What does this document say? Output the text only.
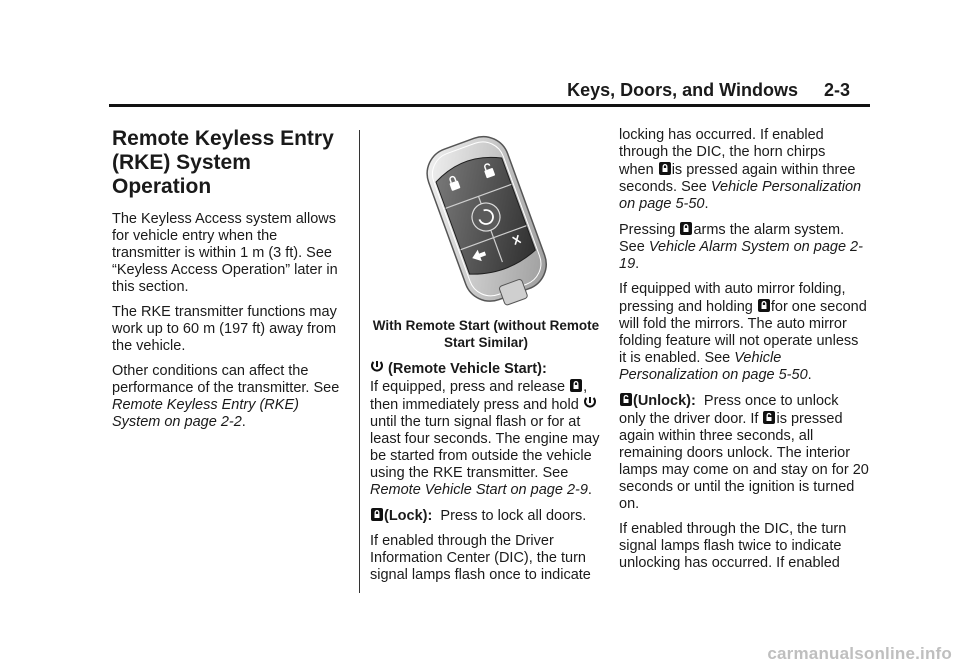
Keys, Doors, and Windows 2-3
Remote Keyless Entry (RKE) System Operation

The Keyless Access system allows for vehicle entry when the transmitter is within 1 m (3 ft). See “Keyless Access Operation” later in this section.

The RKE transmitter functions may work up to 60 m (197 ft) away from the vehicle.

Other conditions can affect the performance of the transmitter. See Remote Keyless Entry (RKE) System on page 2-2.

With Remote Start (without Remote Start Similar)

(Remote Vehicle Start):
If equipped, press and release ,
then immediately press and hold  until the turn signal flash or for at least four seconds. The engine may be started from outside the vehicle using the RKE transmitter. See Remote Vehicle Start on page 2-9.

(Lock): Press to lock all doors.

If enabled through the Driver Information Center (DIC), the turn signal lamps flash once to indicate

locking has occurred. If enabled through the DIC, the horn chirps
when is pressed again within three seconds. See Vehicle Personalization on page 5-50.

Pressing arms the alarm system. See Vehicle Alarm System on page 2-19.

If equipped with auto mirror folding,
pressing and holding for one second will fold the mirrors. The auto mirror folding feature will not operate unless it is enabled. See Vehicle Personalization on page 5-50.

(Unlock): Press once to unlock
only the driver door. If is pressed again within three seconds, all remaining doors unlock. The interior lamps may come on and stay on for 20 seconds or until the ignition is turned on.

If enabled through the DIC, the turn signal lamps flash twice to indicate unlocking has occurred. If enabled

carmanualsonline.info
